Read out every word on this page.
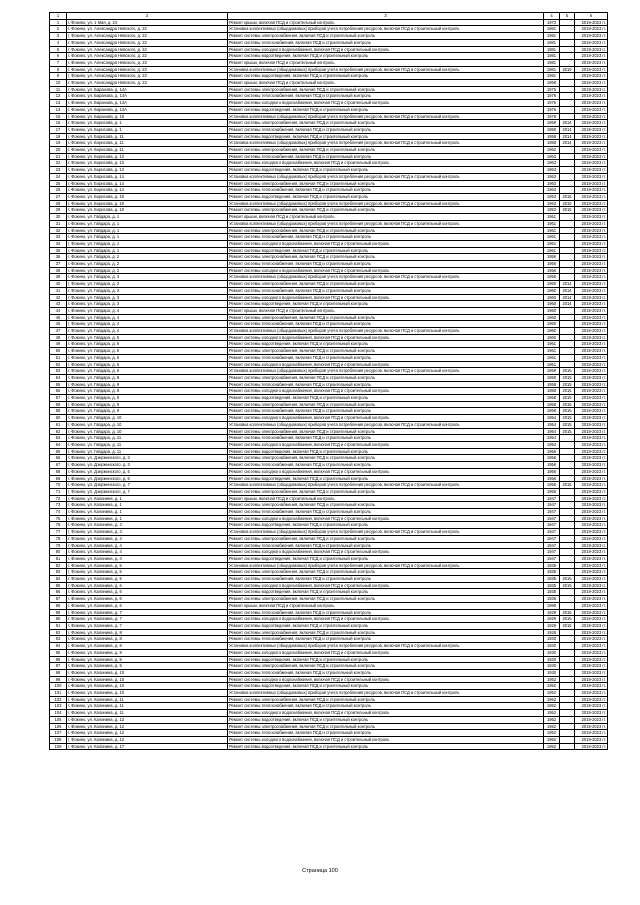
1	2	3	4	5	6
1	г. Фокино, ул. 1 Мая, д. 24	Ремонт крыши, включая ПСД и строительный контроль	1973		2019-2023 гг.
2	г. Фокино, ул. Александра Невского, д. 22	Установка коллективных (общедомовых) приборов учета потребления ресурсов, включая ПСД и строительный контроль	1981		2019-2023 гг.
3	г. Фокино, ул. Александра Невского, д. 22	Ремонт системы электроснабжения, включая ПСД и строительный контроль	1981		2019-2023 гг.
4	г. Фокино, ул. Александра Невского, д. 22	Ремонт системы теплоснабжения, включая ПСД и строительный контроль	1981		2019-2023 гг.
5	г. Фокино, ул. Александра Невского, д. 22	Ремонт системы холодного водоснабжения, включая ПСД и строительный контроль	1981		2019-2023 гг.
6	г. Фокино, ул. Александра Невского, д. 22	Ремонт системы водоотведения, включая ПСД и строительный контроль	1981		2019-2023 гг.
7	г. Фокино, ул. Александра Невского, д. 23	Ремонт крыши, включая ПСД и строительный контроль	1981		2019-2023 гг.
8	г. Фокино, ул. Александра Невского, д. 23	Установка коллективных (общедомовых) приборов учета потребления ресурсов, включая ПСД и строительный контроль	1981	2019	2019-2023 гг.
9	г. Фокино, ул. Александра Невского, д. 23	Ремонт системы водоотведения, включая ПСД и строительный контроль	1981		2019-2023 гг.
10	г. Фокино, ул. Александра Невского, д. 23	Ремонт крыши, включая ПСД и строительный контроль	1958		2019-2023 гг.
11	г. Фокино, ул. Баранова, д. 14А	Ремонт системы электроснабжения, включая ПСД и строительный контроль	1976		2019-2023 гг.
12	г. Фокино, ул. Баранова, д. 14А	Ремонт системы теплоснабжения, включая ПСД и строительный контроль	1976		2019-2023 гг.
13	г. Фокино, ул. Баранова, д. 14А	Ремонт системы холодного водоснабжения, включая ПСД и строительный контроль	1976		2019-2023 гг.
14	г. Фокино, ул. Баранова, д. 14А	Ремонт системы водоотведения, включая ПСД и строительный контроль	1976		2019-2023 гг.
15	г. Фокино, ул. Баранова, д. 15	Установка коллективных (общедомовых) приборов учета потребления ресурсов, включая ПСД и строительный контроль	1978		2019-2023 гг.
16	г. Фокино, ул. Борисова, д. 1	Ремонт системы электроснабжения, включая ПСД и строительный контроль	1959	2014	2019-2023 гг.
17	г. Фокино, ул. Борисова, д. 1	Ремонт системы теплоснабжения, включая ПСД и строительный контроль	1959	2014	2019-2023 гг.
18	г. Фокино, ул. Борисова, д. 11	Ремонт системы водоотведения, включая ПСД и строительный контроль	1959	2014	2019-2023 гг.
19	г. Фокино, ул. Борисова, д. 11	Установка коллективных (общедомовых) приборов учета потребления ресурсов, включая ПСД и строительный контроль	1959	2014	2019-2023 гг.
20	г. Фокино, ул. Борисова, д. 11	Ремонт системы электроснабжения, включая ПСД и строительный контроль	1962		2019-2023 гг.
21	г. Фокино, ул. Борисова, д. 13	Ремонт системы теплоснабжения, включая ПСД и строительный контроль	1963		2019-2023 гг.
22	г. Фокино, ул. Борисова, д. 13	Ремонт системы холодного водоснабжения, включая ПСД и строительный контроль	1963		2019-2023 гг.
23	г. Фокино, ул. Борисова, д. 13	Ремонт системы водоотведения, включая ПСД и строительный контроль	1963		2019-2023 гг.
24	г. Фокино, ул. Борисова, д. 14	Установка коллективных (общедомовых) приборов учета потребления ресурсов, включая ПСД и строительный контроль	1963		2019-2023 гг.
25	г. Фокино, ул. Борисова, д. 14	Ремонт системы электроснабжения, включая ПСД и строительный контроль	1963		2019-2023 гг.
26	г. Фокино, ул. Борисова, д. 14	Ремонт системы теплоснабжения, включая ПСД и строительный контроль	1963		2019-2023 гг.
27	г. Фокино, ул. Борисова, д. 18	Ремонт системы водоотведения, включая ПСД и строительный контроль	1953	2015	2019-2023 гг.
28	г. Фокино, ул. Борисова, д. 18	Установка коллективных (общедомовых) приборов учета потребления ресурсов, включая ПСД и строительный контроль	1953	2015	2019-2023 гг.
29	г. Фокино, ул. Борисова, д. 18	Ремонт системы электроснабжения, включая ПСД и строительный контроль	1953	2015	2019-2023 гг.
30	г. Фокино, ул. Гайдара, д. 1	Ремонт крыши, включая ПСД и строительный контроль	1961		2019-2023 гг.
31	г. Фокино, ул. Гайдара, д. 1	Установка коллективных (общедомовых) приборов учета потребления ресурсов, включая ПСД и строительный контроль	1961		2019-2023 гг.
32	г. Фокино, ул. Гайдара, д. 1	Ремонт системы электроснабжения, включая ПСД и строительный контроль	1961		2019-2023 гг.
33	г. Фокино, ул. Гайдара, д. 1	Ремонт системы теплоснабжения, включая ПСД и строительный контроль	1961		2019-2023 гг.
34	г. Фокино, ул. Гайдара, д. 1	Ремонт системы холодного водоснабжения, включая ПСД и строительный контроль	1961		2019-2023 гг.
35	г. Фокино, ул. Гайдара, д. 1	Ремонт системы водоотведения, включая ПСД и строительный контроль	1961		2019-2023 гг.
36	г. Фокино, ул. Гайдара, д. 2	Ремонт системы электроснабжения, включая ПСД и строительный контроль	1956		2019-2023 гг.
37	г. Фокино, ул. Гайдара, д. 2	Ремонт системы теплоснабжения, включая ПСД и строительный контроль	1956		2019-2023 гг.
38	г. Фокино, ул. Гайдара, д. 2	Ремонт системы холодного водоснабжения, включая ПСД и строительный контроль	1956		2019-2023 гг.
39	г. Фокино, ул. Гайдара, д. 3	Установка коллективных (общедомовых) приборов учета потребления ресурсов, включая ПСД и строительный контроль	1956		2019-2023 гг.
40	г. Фокино, ул. Гайдара, д. 3	Ремонт системы электроснабжения, включая ПСД и строительный контроль	1960	2014	2019-2023 гг.
41	г. Фокино, ул. Гайдара, д. 3	Ремонт системы теплоснабжения, включая ПСД и строительный контроль	1960	2014	2019-2023 гг.
42	г. Фокино, ул. Гайдара, д. 3	Ремонт системы холодного водоснабжения, включая ПСД и строительный контроль	1960	2014	2019-2023 гг.
43	г. Фокино, ул. Гайдара, д. 3	Ремонт системы водоотведения, включая ПСД и строительный контроль	1960	2014	2019-2023 гг.
44	г. Фокино, ул. Гайдара, д. 4	Ремонт крыши, включая ПСД и строительный контроль	1960		2019-2023 гг.
45	г. Фокино, ул. Гайдара, д. 4	Ремонт системы электроснабжения, включая ПСД и строительный контроль	1960		2019-2023 гг.
46	г. Фокино, ул. Гайдара, д. 4	Ремонт системы теплоснабжения, включая ПСД и строительный контроль	1960		2019-2023 гг.
47	г. Фокино, ул. Гайдара, д. 4	Установка коллективных (общедомовых) приборов учета потребления ресурсов, включая ПСД и строительный контроль	1960		2019-2023 гг.
48	г. Фокино, ул. Гайдара, д. 5	Ремонт системы холодного водоснабжения, включая ПСД и строительный контроль	1960		2019-2023 гг.
49	г. Фокино, ул. Гайдара, д. 5	Ремонт системы водоотведения, включая ПСД и строительный контроль	1961		2019-2023 гг.
50	г. Фокино, ул. Гайдара, д. 5	Ремонт системы электроснабжения, включая ПСД и строительный контроль	1961		2019-2023 гг.
51	г. Фокино, ул. Гайдара, д. 6	Ремонт системы теплоснабжения, включая ПСД и строительный контроль	1961		2019-2023 гг.
52	г. Фокино, ул. Гайдара, д. 6	Ремонт системы холодного водоснабжения, включая ПСД и строительный контроль	1961		2019-2023 гг.
53	г. Фокино, ул. Гайдара, д. 6	Установка коллективных (общедомовых) приборов учета потребления ресурсов, включая ПСД и строительный контроль	1959	2015	2019-2023 гг.
54	г. Фокино, ул. Гайдара, д. 8	Ремонт системы электроснабжения, включая ПСД и строительный контроль	1959	2015	2019-2023 гг.
55	г. Фокино, ул. Гайдара, д. 8	Ремонт системы теплоснабжения, включая ПСД и строительный контроль	1959	2015	2019-2023 гг.
56	г. Фокино, ул. Гайдара, д. 8	Ремонт системы холодного водоснабжения, включая ПСД и строительный контроль	1959	2015	2019-2023 гг.
57	г. Фокино, ул. Гайдара, д. 9	Ремонт системы водоотведения, включая ПСД и строительный контроль	1958	2015	2019-2023 гг.
58	г. Фокино, ул. Гайдара, д. 9	Ремонт системы электроснабжения, включая ПСД и строительный контроль	1958	2015	2019-2023 гг.
59	г. Фокино, ул. Гайдара, д. 9	Ремонт системы теплоснабжения, включая ПСД и строительный контроль	1958	2015	2019-2023 гг.
60	г. Фокино, ул. Гайдара, д. 10	Ремонт системы холодного водоснабжения, включая ПСД и строительный контроль	1954	2015	2019-2023 гг.
61	г. Фокино, ул. Гайдара, д. 10	Установка коллективных (общедомовых) приборов учета потребления ресурсов, включая ПСД и строительный контроль	1954	2015	2019-2023 гг.
62	г. Фокино, ул. Гайдара, д. 10	Ремонт системы электроснабжения, включая ПСД и строительный контроль	1954	2015	2019-2023 гг.
63	г. Фокино, ул. Гайдара, д. 11	Ремонт системы теплоснабжения, включая ПСД и строительный контроль	1954		2019-2023 гг.
64	г. Фокино, ул. Гайдара, д. 11	Ремонт системы холодного водоснабжения, включая ПСД и строительный контроль	1954		2019-2023 гг.
65	г. Фокино, ул. Гайдара, д. 11	Ремонт системы водоотведения, включая ПСД и строительный контроль	1956		2019-2023 гг.
66	г. Фокино, ул. Дзержинского, д. 3	Ремонт системы электроснабжения, включая ПСД и строительный контроль	1956		2019-2023 гг.
67	г. Фокино, ул. Дзержинского, д. 3	Ремонт системы теплоснабжения, включая ПСД и строительный контроль	1956		2019-2023 гг.
68	г. Фокино, ул. Дзержинского, д. 5	Ремонт системы холодного водоснабжения, включая ПСД и строительный контроль	1956		2019-2023 гг.
69	г. Фокино, ул. Дзержинского, д. 5	Ремонт системы водоотведения, включая ПСД и строительный контроль	1956		2019-2023 гг.
70	г. Фокино, ул. Дзержинского, д. 7	Установка коллективных (общедомовых) приборов учета потребления ресурсов, включая ПСД и строительный контроль	1956	2015	2019-2023 гг.
71	г. Фокино, ул. Дзержинского, д. 7	Ремонт системы электроснабжения, включая ПСД и строительный контроль	1956		2019-2023 гг.
72	г. Фокино, ул. Калинина, д. 1	Ремонт крыши, включая ПСД и строительный контроль	1947		2019-2023 гг.
73	г. Фокино, ул. Калинина, д. 1	Ремонт системы электроснабжения, включая ПСД и строительный контроль	1947		2019-2023 гг.
74	г. Фокино, ул. Калинина, д. 1	Ремонт системы теплоснабжения, включая ПСД и строительный контроль	1947		2019-2023 гг.
75	г. Фокино, ул. Калинина, д. 1	Ремонт системы холодного водоснабжения, включая ПСД и строительный контроль	1947		2019-2023 гг.
76	г. Фокино, ул. Калинина, д. 3	Ремонт системы водоотведения, включая ПСД и строительный контроль	1947		2019-2023 гг.
77	г. Фокино, ул. Калинина, д. 3	Установка коллективных (общедомовых) приборов учета потребления ресурсов, включая ПСД и строительный контроль	1947		2019-2023 гг.
78	г. Фокино, ул. Калинина, д. 3	Ремонт системы электроснабжения, включая ПСД и строительный контроль	1947		2019-2023 гг.
79	г. Фокино, ул. Калинина, д. 4	Ремонт системы теплоснабжения, включая ПСД и строительный контроль	1947		2019-2023 гг.
80	г. Фокино, ул. Калинина, д. 4	Ремонт системы холодного водоснабжения, включая ПСД и строительный контроль	1947		2019-2023 гг.
81	г. Фокино, ул. Калинина, д. 4	Ремонт системы водоотведения, включая ПСД и строительный контроль	1947		2019-2023 гг.
82	г. Фокино, ул. Калинина, д. 5	Установка коллективных (общедомовых) приборов учета потребления ресурсов, включая ПСД и строительный контроль	1935		2019-2023 гг.
83	г. Фокино, ул. Калинина, д. 5	Ремонт системы электроснабжения, включая ПСД и строительный контроль	1935		2019-2023 гг.
84	г. Фокино, ул. Калинина, д. 5	Ремонт системы теплоснабжения, включая ПСД и строительный контроль	1935	2015	2019-2023 гг.
85	г. Фокино, ул. Калинина, д. 6	Ремонт системы холодного водоснабжения, включая ПСД и строительный контроль	1935	2015	2019-2023 гг.
86	г. Фокино, ул. Калинина, д. 6	Ремонт системы водоотведения, включая ПСД и строительный контроль	1935		2019-2023 гг.
87	г. Фокино, ул. Калинина, д. 6	Ремонт системы электроснабжения, включая ПСД и строительный контроль	1935		2019-2023 гг.
88	г. Фокино, ул. Калинина, д. 6	Ремонт крыши, включая ПСД и строительный контроль	1999		2019-2023 гг.
89	г. Фокино, ул. Калинина, д. 7	Ремонт системы теплоснабжения, включая ПСД и строительный контроль	1929	2015	2019-2023 гг.
90	г. Фокино, ул. Калинина, д. 7	Ремонт системы холодного водоснабжения, включая ПСД и строительный контроль	1929	2015	2019-2023 гг.
91	г. Фокино, ул. Калинина, д. 7	Ремонт системы водоотведения, включая ПСД и строительный контроль	1929	2015	2019-2023 гг.
92	г. Фокино, ул. Калинина, д. 8	Ремонт системы электроснабжения, включая ПСД и строительный контроль	1929		2019-2023 гг.
93	г. Фокино, ул. Калинина, д. 8	Ремонт системы теплоснабжения, включая ПСД и строительный контроль	1930		2019-2023 гг.
94	г. Фокино, ул. Калинина, д. 8	Установка коллективных (общедомовых) приборов учета потребления ресурсов, включая ПСД и строительный контроль	1930		2019-2023 гг.
95	г. Фокино, ул. Калинина, д. 9	Ремонт системы холодного водоснабжения, включая ПСД и строительный контроль	1930		2019-2023 гг.
96	г. Фокино, ул. Калинина, д. 9	Ремонт системы водоотведения, включая ПСД и строительный контроль	1930		2019-2023 гг.
97	г. Фокино, ул. Калинина, д. 9	Ремонт системы электроснабжения, включая ПСД и строительный контроль	1930		2019-2023 гг.
98	г. Фокино, ул. Калинина, д. 10	Ремонт системы теплоснабжения, включая ПСД и строительный контроль	1930		2019-2023 гг.
99	г. Фокино, ул. Калинина, д. 10	Ремонт системы холодного водоснабжения, включая ПСД и строительный контроль	1952		2019-2023 гг.
100	г. Фокино, ул. Калинина, д. 10	Ремонт системы водоотведения, включая ПСД и строительный контроль	1952		2019-2023 гг.
101	г. Фокино, ул. Калинина, д. 10	Установка коллективных (общедомовых) приборов учета потребления ресурсов, включая ПСД и строительный контроль	1952		2019-2023 гг.
102	г. Фокино, ул. Калинина, д. 11	Ремонт системы электроснабжения, включая ПСД и строительный контроль	1952		2019-2023 гг.
103	г. Фокино, ул. Калинина, д. 11	Ремонт системы теплоснабжения, включая ПСД и строительный контроль	1952		2019-2023 гг.
104	г. Фокино, ул. Калинина, д. 11	Ремонт системы холодного водоснабжения, включая ПСД и строительный контроль	1952		2019-2023 гг.
105	г. Фокино, ул. Калинина, д. 12	Ремонт системы водоотведения, включая ПСД и строительный контроль	1952		2019-2023 гг.
106	г. Фокино, ул. Калинина, д. 12	Ремонт системы электроснабжения, включая ПСД и строительный контроль	1952		2019-2023 гг.
107	г. Фокино, ул. Калинина, д. 12	Ремонт системы теплоснабжения, включая ПСД и строительный контроль	1952		2019-2023 гг.
108	г. Фокино, ул. Калинина, д. 12	Ремонт системы холодного водоснабжения, включая ПСД и строительный контроль	1952		2019-2023 гг.
109	г. Фокино, ул. Калинина, д. 17	Ремонт системы водоотведения, включая ПСД и строительный контроль	1952		2019-2023 гг.
Страница 100
